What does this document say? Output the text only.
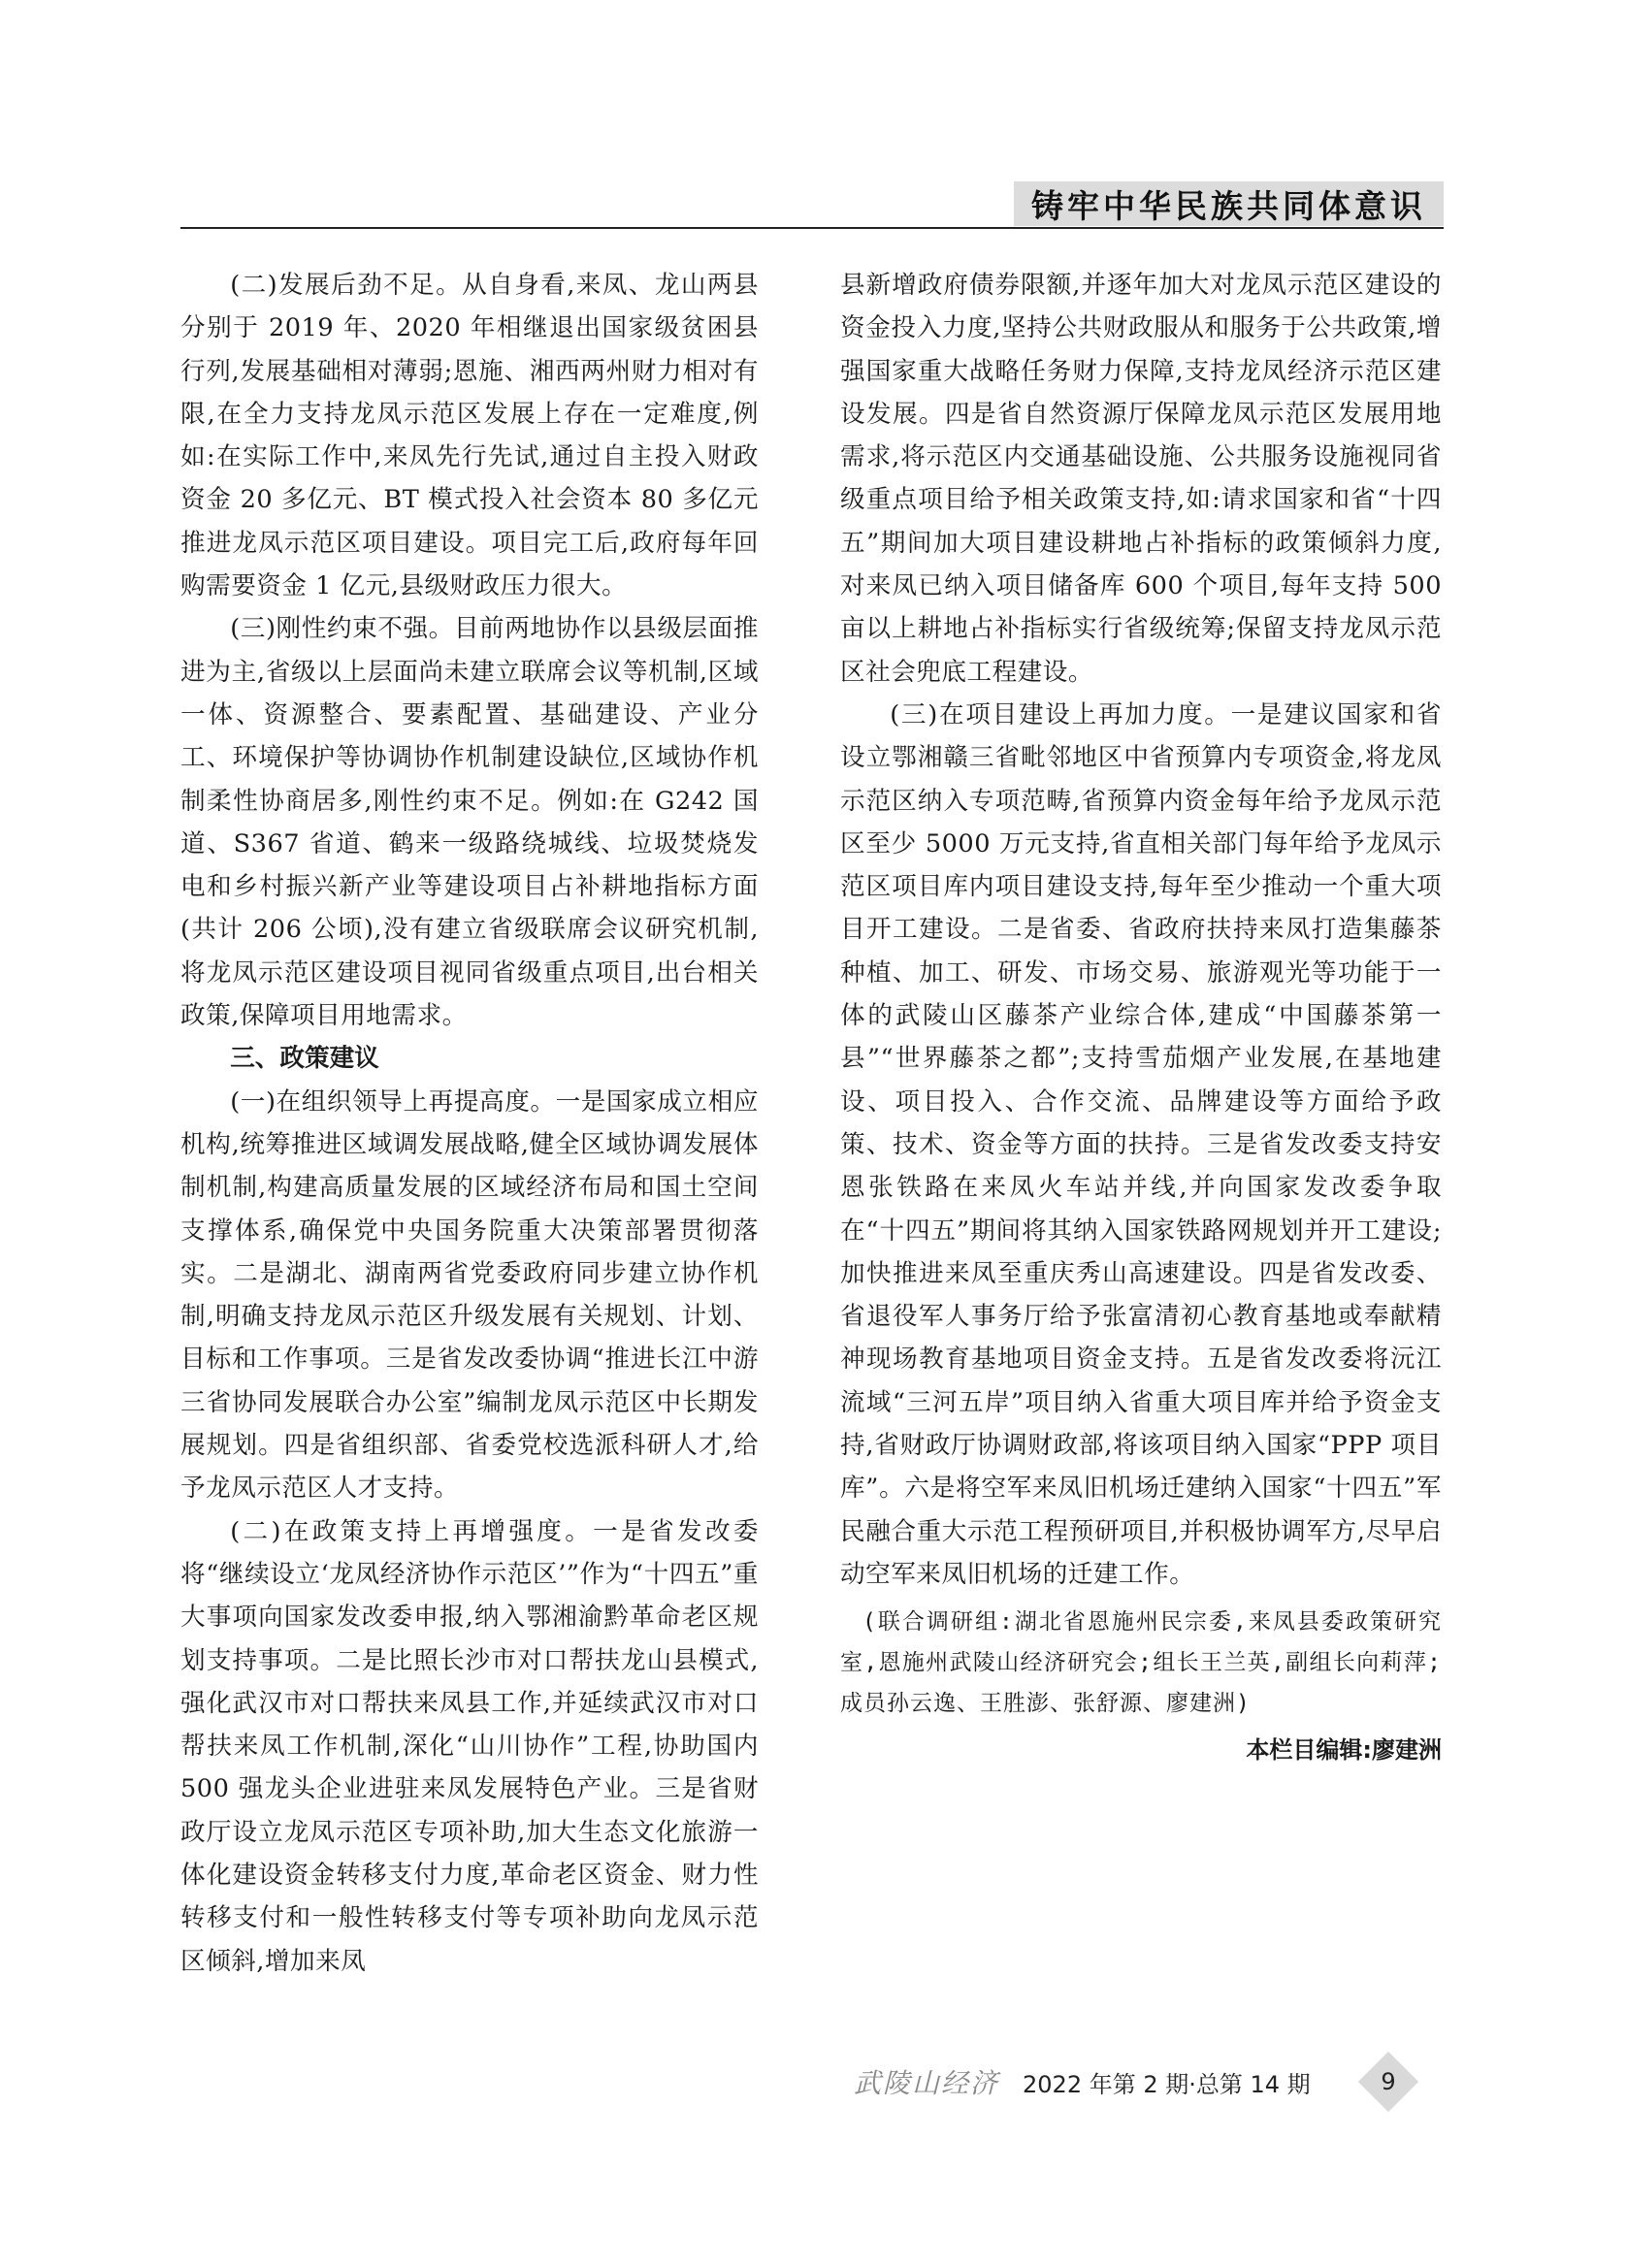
铸牢中华民族共同体意识

(二)发展后劲不足。从自身看,来凤、龙山两县分别于 2019 年、2020 年相继退出国家级贫困县行列,发展基础相对薄弱;恩施、湘西两州财力相对有限,在全力支持龙凤示范区发展上存在一定难度,例如:在实际工作中,来凤先行先试,通过自主投入财政资金 20 多亿元、BT 模式投入社会资本 80 多亿元推进龙凤示范区项目建设。项目完工后,政府每年回购需要资金 1 亿元,县级财政压力很大。

(三)刚性约束不强。目前两地协作以县级层面推进为主,省级以上层面尚未建立联席会议等机制,区域一体、资源整合、要素配置、基础建设、产业分工、环境保护等协调协作机制建设缺位,区域协作机制柔性协商居多,刚性约束不足。例如:在 G242 国道、S367 省道、鹤来一级路绕城线、垃圾焚烧发电和乡村振兴新产业等建设项目占补耕地指标方面(共计 206 公顷),没有建立省级联席会议研究机制,将龙凤示范区建设项目视同省级重点项目,出台相关政策,保障项目用地需求。

三、政策建议

(一)在组织领导上再提高度。一是国家成立相应机构,统筹推进区域调发展战略,健全区域协调发展体制机制,构建高质量发展的区域经济布局和国土空间支撑体系,确保党中央国务院重大决策部署贯彻落实。二是湖北、湖南两省党委政府同步建立协作机制,明确支持龙凤示范区升级发展有关规划、计划、目标和工作事项。三是省发改委协调“推进长江中游三省协同发展联合办公室”编制龙凤示范区中长期发展规划。四是省组织部、省委党校选派科研人才,给予龙凤示范区人才支持。

(二)在政策支持上再增强度。一是省发改委将“继续设立‘龙凤经济协作示范区’”作为“十四五”重大事项向国家发改委申报,纳入鄂湘渝黔革命老区规划支持事项。二是比照长沙市对口帮扶龙山县模式,强化武汉市对口帮扶来凤县工作,并延续武汉市对口帮扶来凤工作机制,深化“山川协作”工程,协助国内 500 强龙头企业进驻来凤发展特色产业。三是省财政厅设立龙凤示范区专项补助,加大生态文化旅游一体化建设资金转移支付力度,革命老区资金、财力性转移支付和一般性转移支付等专项补助向龙凤示范区倾斜,增加来凤

县新增政府债券限额,并逐年加大对龙凤示范区建设的资金投入力度,坚持公共财政服从和服务于公共政策,增强国家重大战略任务财力保障,支持龙凤经济示范区建设发展。四是省自然资源厅保障龙凤示范区发展用地需求,将示范区内交通基础设施、公共服务设施视同省级重点项目给予相关政策支持,如:请求国家和省“十四五”期间加大项目建设耕地占补指标的政策倾斜力度,对来凤已纳入项目储备库 600 个项目,每年支持 500 亩以上耕地占补指标实行省级统筹;保留支持龙凤示范区社会兜底工程建设。

(三)在项目建设上再加力度。一是建议国家和省设立鄂湘赣三省毗邻地区中省预算内专项资金,将龙凤示范区纳入专项范畴,省预算内资金每年给予龙凤示范区至少 5000 万元支持,省直相关部门每年给予龙凤示范区项目库内项目建设支持,每年至少推动一个重大项目开工建设。二是省委、省政府扶持来凤打造集藤茶种植、加工、研发、市场交易、旅游观光等功能于一体的武陵山区藤茶产业综合体,建成“中国藤茶第一县”“世界藤茶之都”;支持雪茄烟产业发展,在基地建设、项目投入、合作交流、品牌建设等方面给予政策、技术、资金等方面的扶持。三是省发改委支持安恩张铁路在来凤火车站并线,并向国家发改委争取在“十四五”期间将其纳入国家铁路网规划并开工建设;加快推进来凤至重庆秀山高速建设。四是省发改委、省退役军人事务厅给予张富清初心教育基地或奉献精神现场教育基地项目资金支持。五是省发改委将沅江流域“三河五岸”项目纳入省重大项目库并给予资金支持,省财政厅协调财政部,将该项目纳入国家“PPP 项目库”。六是将空军来凤旧机场迁建纳入国家“十四五”军民融合重大示范工程预研项目,并积极协调军方,尽早启动空军来凤旧机场的迁建工作。

(联合调研组:湖北省恩施州民宗委,来凤县委政策研究室,恩施州武陵山经济研究会;组长王兰英,副组长向莉萍;成员孙云逸、王胜澎、张舒源、廖建洲)

本栏目编辑:廖建洲

武陵山经济 2022 年第 2 期·总第 14 期	9
